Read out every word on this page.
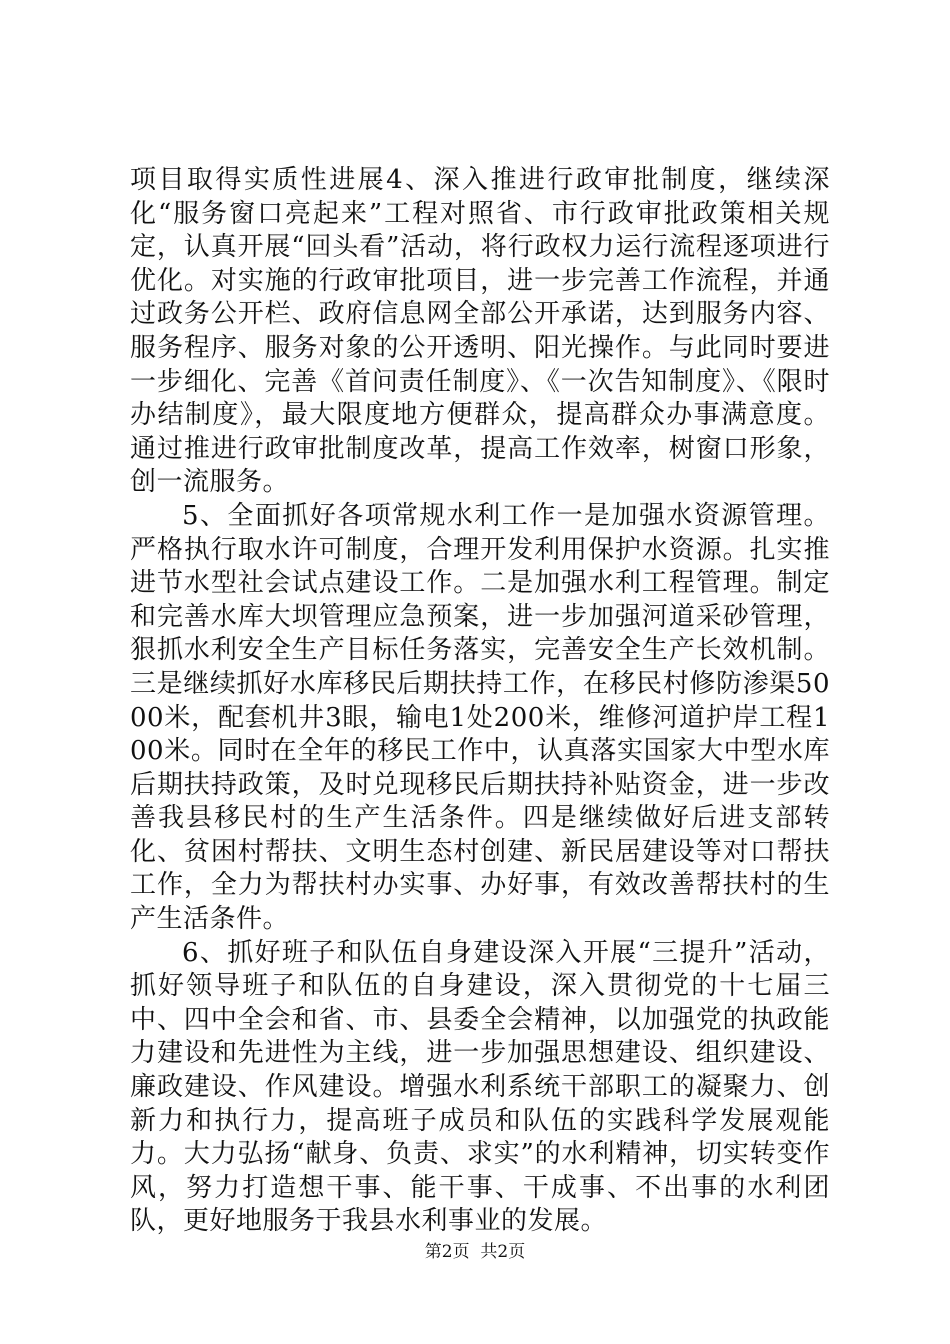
项目取得实质性进展4、深入推进行政审批制度，继续深化“服务窗口亮起来”工程对照省、市行政审批政策相关规定，认真开展“回头看”活动，将行政权力运行流程逐项进行优化。对实施的行政审批项目，进一步完善工作流程，并通过政务公开栏、政府信息网全部公开承诺，达到服务内容、服务程序、服务对象的公开透明、阳光操作。与此同时要进一步细化、完善《首问责任制度》、《一次告知制度》、《限时办结制度》，最大限度地方便群众，提高群众办事满意度。通过推进行政审批制度改革，提高工作效率，树窗口形象，创一流服务。

5、全面抓好各项常规水利工作一是加强水资源管理。严格执行取水许可制度，合理开发利用保护水资源。扎实推进节水型社会试点建设工作。二是加强水利工程管理。制定和完善水库大坝管理应急预案，进一步加强河道采砂管理，狠抓水利安全生产目标任务落实，完善安全生产长效机制。三是继续抓好水库移民后期扶持工作，在移民村修防渗渠5000米，配套机井3眼，输电1处200米，维修河道护岸工程100米。同时在全年的移民工作中，认真落实国家大中型水库后期扶持政策，及时兑现移民后期扶持补贴资金，进一步改善我县移民村的生产生活条件。四是继续做好后进支部转化、贫困村帮扶、文明生态村创建、新民居建设等对口帮扶工作，全力为帮扶村办实事、办好事，有效改善帮扶村的生产生活条件。

6、抓好班子和队伍自身建设深入开展“三提升”活动，抓好领导班子和队伍的自身建设，深入贯彻党的十七届三中、四中全会和省、市、县委全会精神，以加强党的执政能力建设和先进性为主线，进一步加强思想建设、组织建设、廉政建设、作风建设。增强水利系统干部职工的凝聚力、创新力和执行力，提高班子成员和队伍的实践科学发展观能力。大力弘扬“献身、负责、求实”的水利精神，切实转变作风，努力打造想干事、能干事、干成事、不出事的水利团队，更好地服务于我县水利事业的发展。

第2页  共2页
